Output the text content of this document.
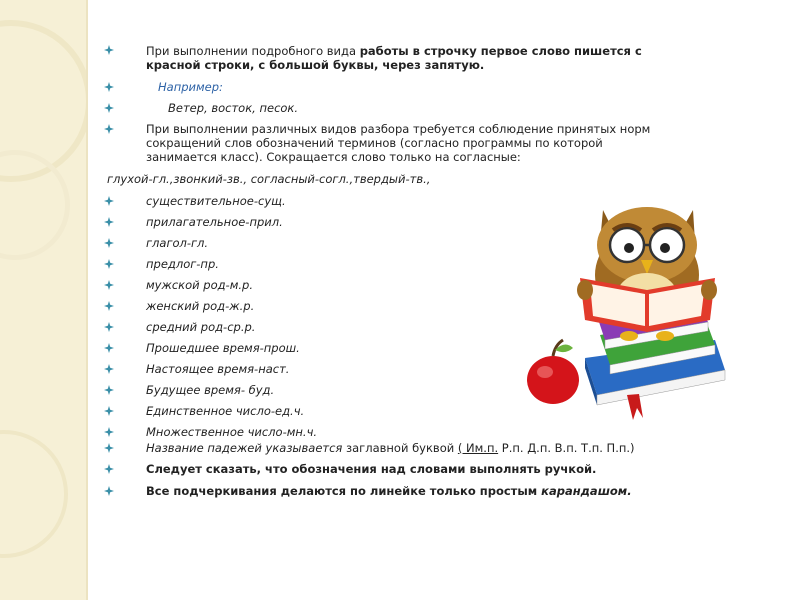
При выполнении подробного вида работы в строчку первое слово пишется с красной строки, с большой буквы, через запятую.
Например:
Ветер, восток, песок.
При выполнении различных видов разбора требуется соблюдение принятых норм сокращений слов обозначений терминов (согласно программы по которой занимается класс). Сокращается слово только на согласные:
глухой-гл.,звонкий-зв., согласный-согл.,твердый-тв.,
существительное-сущ.
прилагательное-прил.
глагол-гл.
предлог-пр.
мужской род-м.р.
женский род-ж.р.
средний род-ср.р.
Прошедшее время-прош.
Настоящее время-наст.
Будущее время- буд.
Единственное число-ед.ч.
Множественное число-мн.ч.
Название падежей указывается заглавной буквой ( Им.п. Р.п. Д.п. В.п. Т.п. П.п.)
Следует сказать, что обозначения над словами выполнять ручкой.
Все подчеркивания делаются по линейке только простым карандашом.
